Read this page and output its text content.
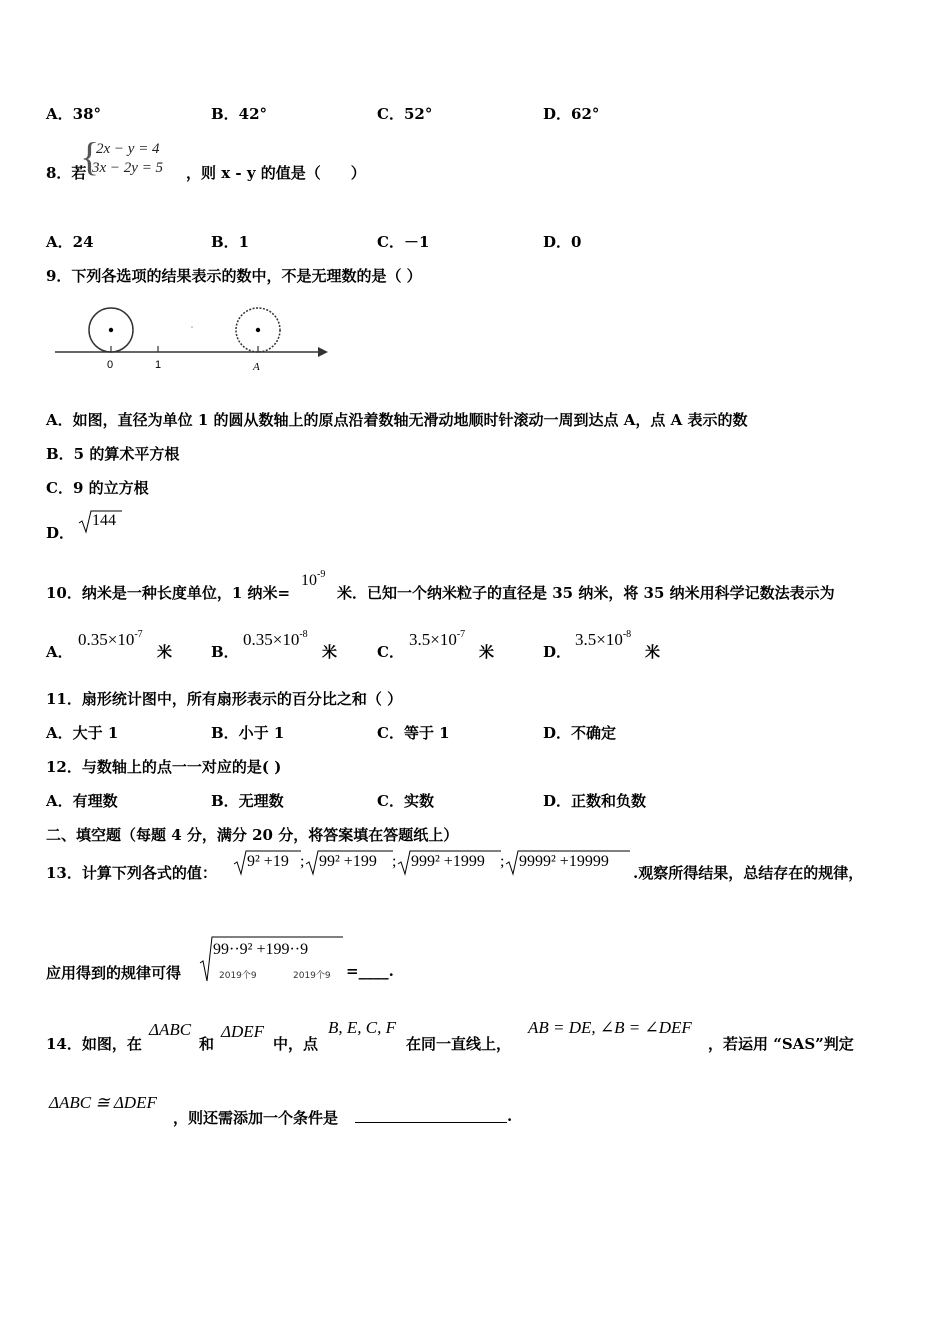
A．38°	B．42°	C．52°	D．62°
8．若
{
2x − y = 4
3x − 2y = 5 ，则 x - y 的值是（　　）
A．24	B．1	C．－1	D．0
9．下列各选项的结果表示的数中，不是无理数的是（ ）
0	1	A
A．如图，直径为单位 1 的圆从数轴上的原点沿着数轴无滑动地顺时针滚动一周到达点 A，点 A 表示的数
B．5 的算术平方根
C．9 的立方根
D．
144
10．纳米是一种长度单位，1 纳米=
$10^{-9}$
米．已知一个纳米粒子的直径是 35 纳米，将 35 纳米用科学记数法表示为
A．
$0.35\times 10^{-7}$
米	B．
$0.35\times 10^{-8}$
米	C．
$3.5\times 10^{-7}$
米	D．
$3.5\times 10^{-8}$
米
11．扇形统计图中，所有扇形表示的百分比之和（ ）
A．大于 1	B．小于 1	C．等于 1	D．不确定
12．与数轴上的点一一对应的是( )
A．有理数	B．无理数	C．实数	D．正数和负数
二、填空题（每题 4 分，满分 20 分，将答案填在答题纸上）
13．计算下列各式的值：
9² +19 ; 99² +199 ; 999² +1999 ; 9999² +19999
.观察所得结果，总结存在的规律，
应用得到的规律可得
99··9² +199··9
2019个9	2019个9 =____.
14．如图，在
ΔABC
和
ΔDEF
中，点
B, E, C, F
在同一直线上，
AB = DE, ∠B = ∠DEF
，若运用 “SAS”判定
ΔABC ≅ ΔDEF
，则还需添加一个条件是	.
